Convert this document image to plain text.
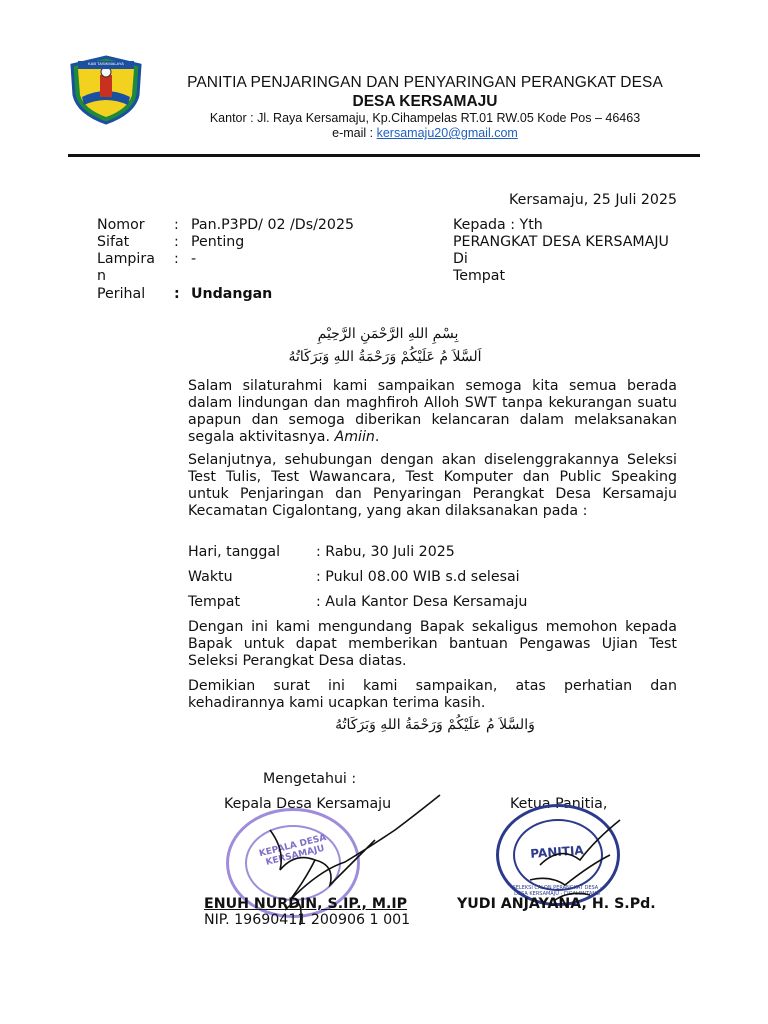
KAB TASIKMALAYA
PANITIA PENJARINGAN DAN PENYARINGAN PERANGKAT DESA
DESA KERSAMAJU
Kantor : Jl. Raya Kersamaju, Kp.Cihampelas RT.01 RW.05 Kode Pos – 46463
e-mail : kersamaju20@gmail.com
Kersamaju, 25 Juli 2025
Nomor	: Pan.P3PD/ 02 /Ds/2025
Sifat	: Penting
Lampira
n
: -
Perihal	: Undangan
Kepada : Yth
PERANGKAT DESA KERSAMAJU
Di
Tempat
بِسْمِ اللهِ الرَّحْمَنِ الرَّحِيْمِ
اَلسَّلاَ مُ عَلَيْكُمْ وَرَحْمَةُ اللهِ وَبَرَكَاتُهُ
Salam silaturahmi kami sampaikan semoga kita semua berada dalam lindungan dan maghfiroh Alloh SWT tanpa kekurangan suatu apapun dan semoga diberikan kelancaran dalam melaksanakan segala aktivitasnya. Amiin.
Selanjutnya, sehubungan dengan akan diselenggrakannya Seleksi Test Tulis, Test Wawancara, Test Komputer dan Public Speaking untuk Penjaringan dan Penyaringan Perangkat Desa Kersamaju Kecamatan Cigalontang, yang akan dilaksanakan pada :
Hari, tanggal	: Rabu, 30 Juli 2025
Waktu	: Pukul 08.00 WIB s.d selesai
Tempat	: Aula Kantor Desa Kersamaju
Dengan ini kami mengundang Bapak sekaligus memohon kepada Bapak untuk dapat memberikan bantuan Pengawas Ujian Test Seleksi Perangkat Desa diatas.
Demikian surat ini kami sampaikan, atas perhatian dan kehadirannya kami ucapkan terima kasih.
وَالسَّلاَ مُ عَلَيْكُمْ وَرَحْمَةُ اللهِ وَبَرَكَاتُهُ
Mengetahui :
Kepala Desa Kersamaju	Ketua Panitia,
KEPALA DESA KERSAMAJU
SELEKSI CALON PERANGKAT DESA · DESA KERSAMAJU · CIGALONTANG
PANITIA
ENUH NURDIN, S.IP., M.IP
NIP. 19690411 200906 1 001
YUDI ANJAYANA, H. S.Pd.
